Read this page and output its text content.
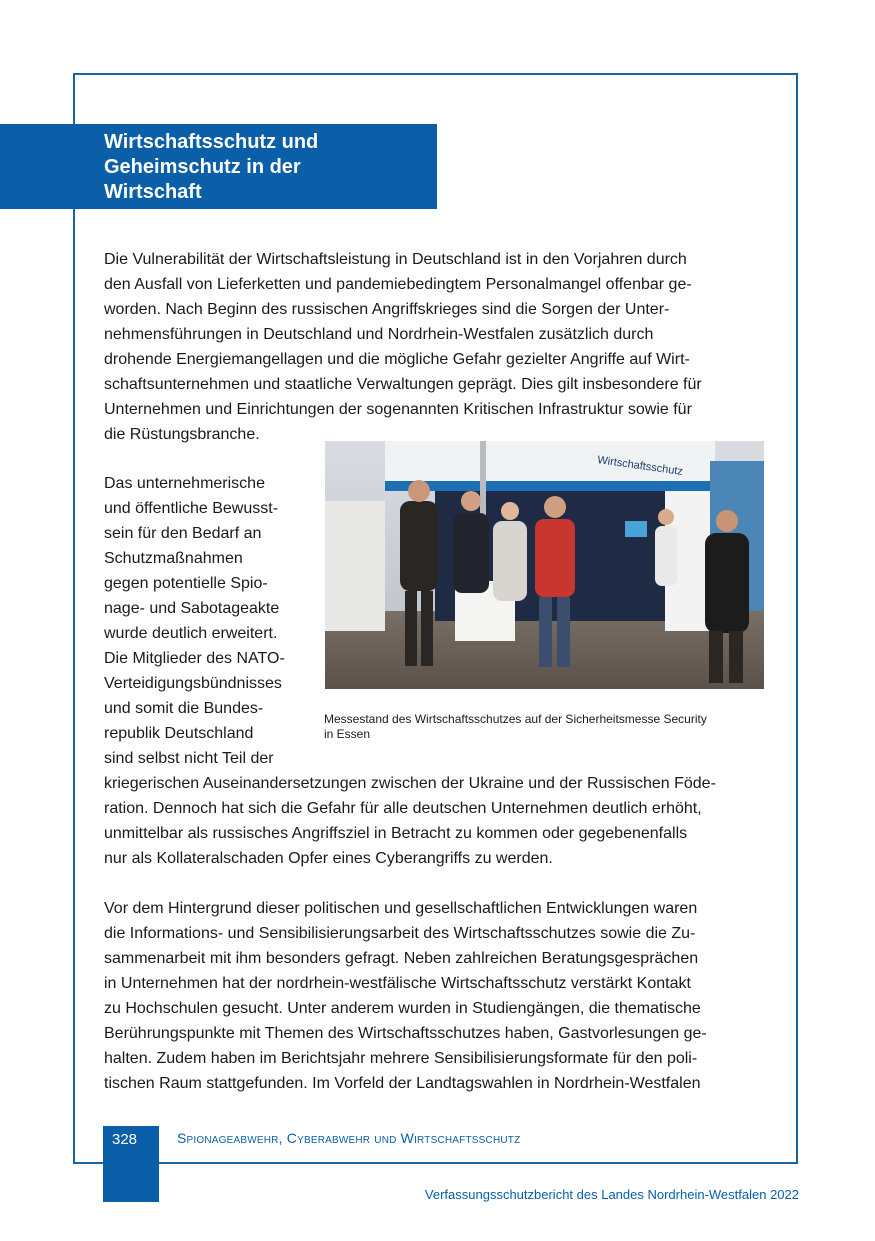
Wirtschaftsschutz und
Geheimschutz in der
Wirtschaft
Die Vulnerabilität der Wirtschaftsleistung in Deutschland ist in den Vorjahren durch
den Ausfall von Lieferketten und pandemiebedingtem Personalmangel offenbar ge-
worden. Nach Beginn des russischen Angriffskrieges sind die Sorgen der Unter-
nehmensführungen in Deutschland und Nordrhein-Westfalen zusätzlich durch
drohende Energiemangellagen und die mögliche Gefahr gezielter Angriffe auf Wirt-
schaftsunternehmen und staatliche Verwaltungen geprägt. Dies gilt insbesondere für
Unternehmen und Einrichtungen der sogenannten Kritischen Infrastruktur sowie für
die Rüstungsbranche.
Das unternehmerische
und öffentliche Bewusst-
sein für den Bedarf an
Schutzmaßnahmen
gegen potentielle Spio-
nage- und Sabotageakte
wurde deutlich erweitert.
Die Mitglieder des NATO-
Verteidigungsbündnisses
und somit die Bundes-
republik Deutschland
sind selbst nicht Teil der
kriegerischen Auseinandersetzungen zwischen der Ukraine und der Russischen Föde-
ration. Dennoch hat sich die Gefahr für alle deutschen Unternehmen deutlich erhöht,
unmittelbar als russisches Angriffsziel in Betracht zu kommen oder gegebenenfalls
nur als Kollateralschaden Opfer eines Cyberangriffs zu werden.
Wirtschaftsschutz
Messestand des Wirtschaftsschutzes auf der Sicherheitsmesse Security
in Essen
Vor dem Hintergrund dieser politischen und gesellschaftlichen Entwicklungen waren
die Informations- und Sensibilisierungsarbeit des Wirtschaftsschutzes sowie die Zu-
sammenarbeit mit ihm besonders gefragt. Neben zahlreichen Beratungsgesprächen
in Unternehmen hat der nordrhein-westfälische Wirtschaftsschutz verstärkt Kontakt
zu Hochschulen gesucht. Unter anderem wurden in Studiengängen, die thematische
Berührungspunkte mit Themen des Wirtschaftsschutzes haben, Gastvorlesungen ge-
halten. Zudem haben im Berichtsjahr mehrere Sensibilisierungsformate für den poli-
tischen Raum stattgefunden. Im Vorfeld der Landtagswahlen in Nordrhein-Westfalen
328	Spionageabwehr, Cyberabwehr und Wirtschaftsschutz
Verfassungsschutzbericht des Landes Nordrhein-Westfalen 2022
